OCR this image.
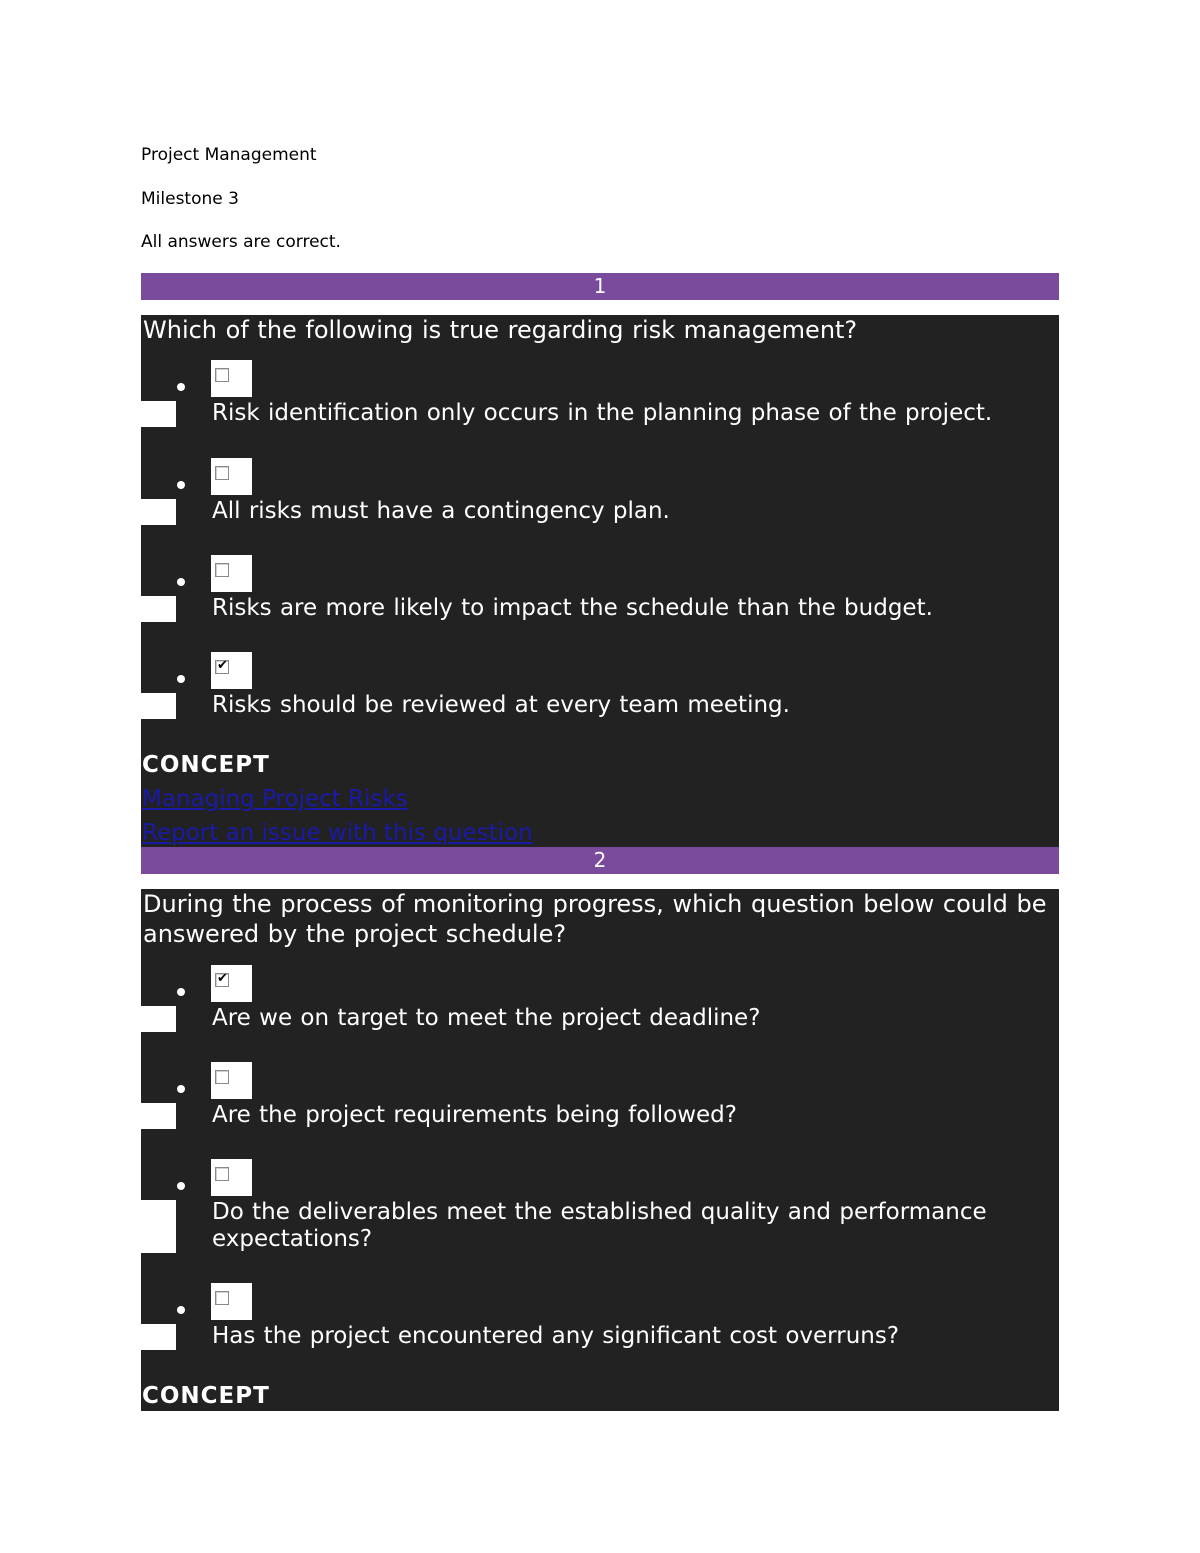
Project Management

Milestone 3

All answers are correct.

1

Which of the following is true regarding risk management?

Risk identification only occurs in the planning phase of the project.
All risks must have a contingency plan.
Risks are more likely to impact the schedule than the budget.
✔
Risks should be reviewed at every team meeting.
CONCEPT
Managing Project Risks
Report an issue with this question
2

During the process of monitoring progress, which question below could be answered by the project schedule?

✔
Are we on target to meet the project deadline?
Are the project requirements being followed?
Do the deliverables meet the established quality and performance expectations?
Has the project encountered any significant cost overruns?
CONCEPT
